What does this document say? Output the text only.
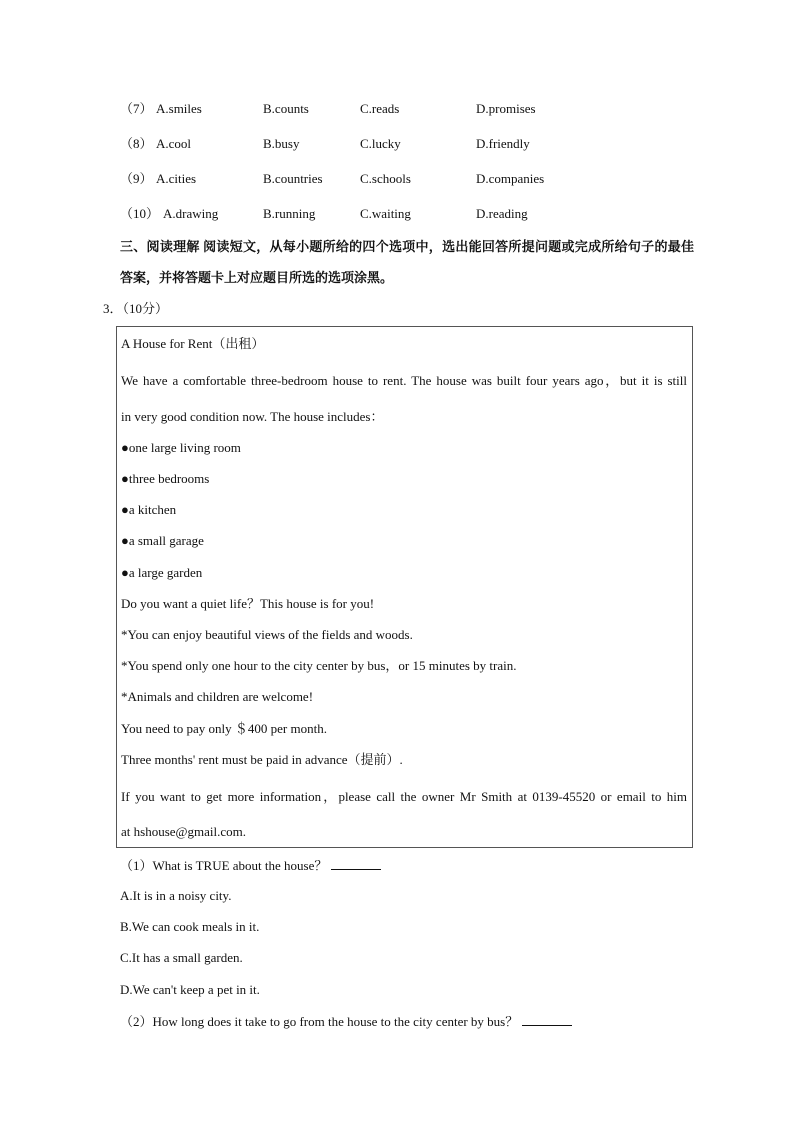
（7） A.smiles	B.counts	C.reads	D.promises
（8） A.cool	B.busy	C.lucky	D.friendly
（9） A.cities	B.countries	C.schools	D.companies
（10） A.drawing	B.running	C.waiting	D.reading
三、阅读理解 阅读短文，从每小题所给的四个选项中，选出能回答所提问题或完成所给句子的最佳答案，并将答题卡上对应题目所选的选项涂黑。
3．（10分）
A House for Rent（出租）
We have a comfortable three-bedroom house to rent. The house was built four years ago，but it is still
in very good condition now. The house includes：
●one large living room
●three bedrooms
●a kitchen
●a small garage
●a large garden
Do you want a quiet life？This house is for you!
*You can enjoy beautiful views of the fields and woods.
*You spend only one hour to the city center by bus，or 15 minutes by train.
*Animals and children are welcome!
You need to pay only ＄400 per month.
Three months' rent must be paid in advance（提前）.
If you want to get more information，please call the owner Mr Smith at 0139-45520 or email to him
at hshouse@gmail.com.
（1）What is TRUE about the house？
A.It is in a noisy city.
B.We can cook meals in it.
C.It has a small garden.
D.We can't keep a pet in it.
（2）How long does it take to go from the house to the city center by bus？
